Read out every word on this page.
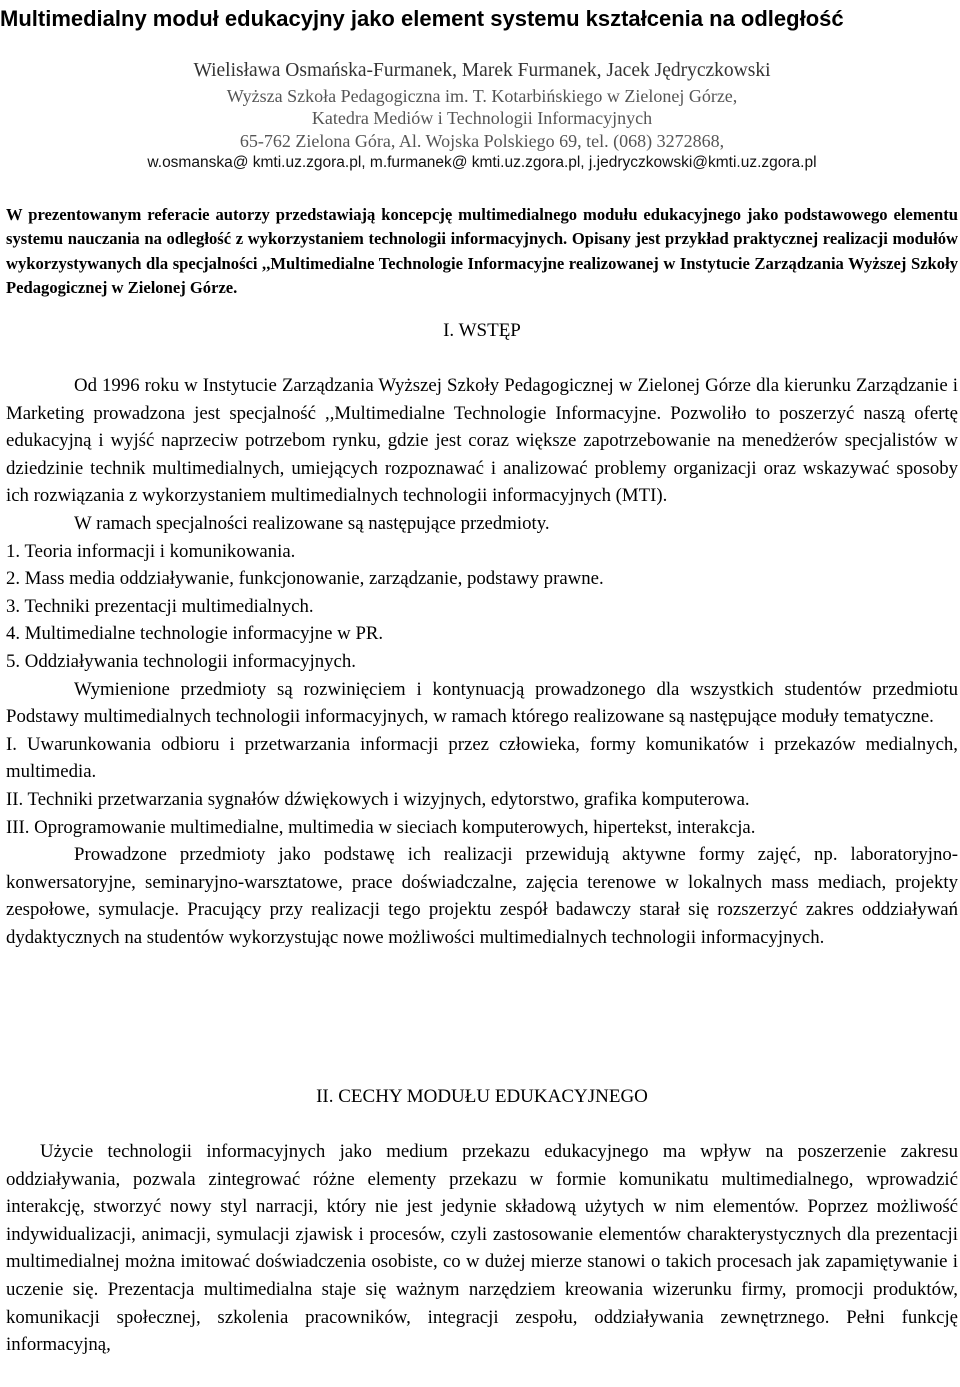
Multimedialny moduł edukacyjny jako element systemu kształcenia na odległość
Wielisława Osmańska-Furmanek, Marek Furmanek, Jacek Jędryczkowski
Wyższa Szkoła Pedagogiczna im. T. Kotarbińskiego w Zielonej Górze,
Katedra Mediów i Technologii Informacyjnych
65-762 Zielona Góra, Al. Wojska Polskiego 69, tel. (068) 3272868,
w.osmanska@ kmti.uz.zgora.pl, m.furmanek@ kmti.uz.zgora.pl, j.jedryczkowski@kmti.uz.zgora.pl

W prezentowanym referacie autorzy przedstawiają koncepcję multimedialnego modułu edukacyjnego jako podstawowego elementu systemu nauczania na odległość z wykorzystaniem technologii informacyjnych. Opisany jest przykład praktycznej realizacji modułów wykorzystywanych dla specjalności ,,Multimedialne Technologie Informacyjne realizowanej w Instytucie Zarządzania Wyższej Szkoły Pedagogicznej w Zielonej Górze.

I. WSTĘP

Od 1996 roku w Instytucie Zarządzania Wyższej Szkoły Pedagogicznej w Zielonej Górze dla kierunku Zarządzanie i Marketing prowadzona jest specjalność ,,Multimedialne Technologie Informacyjne. Pozwoliło to poszerzyć naszą ofertę edukacyjną i wyjść naprzeciw potrzebom rynku, gdzie jest coraz większe zapotrzebowanie na menedżerów specjalistów w dziedzinie technik multimedialnych, umiejących rozpoznawać i analizować problemy organizacji oraz wskazywać sposoby ich rozwiązania z wykorzystaniem multimedialnych technologii informacyjnych (MTI).

W ramach specjalności realizowane są następujące przedmioty.

1. Teoria informacji i komunikowania.
2. Mass media oddziaływanie, funkcjonowanie, zarządzanie, podstawy prawne.
3. Techniki prezentacji multimedialnych.
4. Multimedialne technologie informacyjne w PR.
5. Oddziaływania technologii informacyjnych.

Wymienione przedmioty są rozwinięciem i kontynuacją prowadzonego dla wszystkich studentów przedmiotu Podstawy multimedialnych technologii informacyjnych, w ramach którego realizowane są następujące moduły tematyczne.

I. Uwarunkowania odbioru i przetwarzania informacji przez człowieka, formy komunikatów i przekazów medialnych, multimedia.
II. Techniki przetwarzania sygnałów dźwiękowych i wizyjnych, edytorstwo, grafika komputerowa.
III. Oprogramowanie multimedialne, multimedia w sieciach komputerowych, hipertekst, interakcja.

Prowadzone przedmioty jako podstawę ich realizacji przewidują aktywne formy zajęć, np. laboratoryjno-konwersatoryjne, seminaryjno-warsztatowe, prace doświadczalne, zajęcia terenowe w lokalnych mass mediach, projekty zespołowe, symulacje. Pracujący przy realizacji tego projektu zespół badawczy starał się rozszerzyć zakres oddziaływań dydaktycznych na studentów wykorzystując nowe możliwości multimedialnych technologii informacyjnych.

II. CECHY MODUŁU EDUKACYJNEGO

Użycie technologii informacyjnych jako medium przekazu edukacyjnego ma wpływ na poszerzenie zakresu oddziaływania, pozwala zintegrować różne elementy przekazu w formie komunikatu multimedialnego, wprowadzić interakcję, stworzyć nowy styl narracji, który nie jest jedynie składową użytych w nim elementów. Poprzez możliwość indywidualizacji, animacji, symulacji zjawisk i procesów, czyli zastosowanie elementów charakterystycznych dla prezentacji multimedialnej można imitować doświadczenia osobiste, co w dużej mierze stanowi o takich procesach jak zapamiętywanie i uczenie się. Prezentacja multimedialna staje się ważnym narzędziem kreowania wizerunku firmy, promocji produktów, komunikacji społecznej, szkolenia pracowników, integracji zespołu, oddziaływania zewnętrznego. Pełni funkcję informacyjną,
